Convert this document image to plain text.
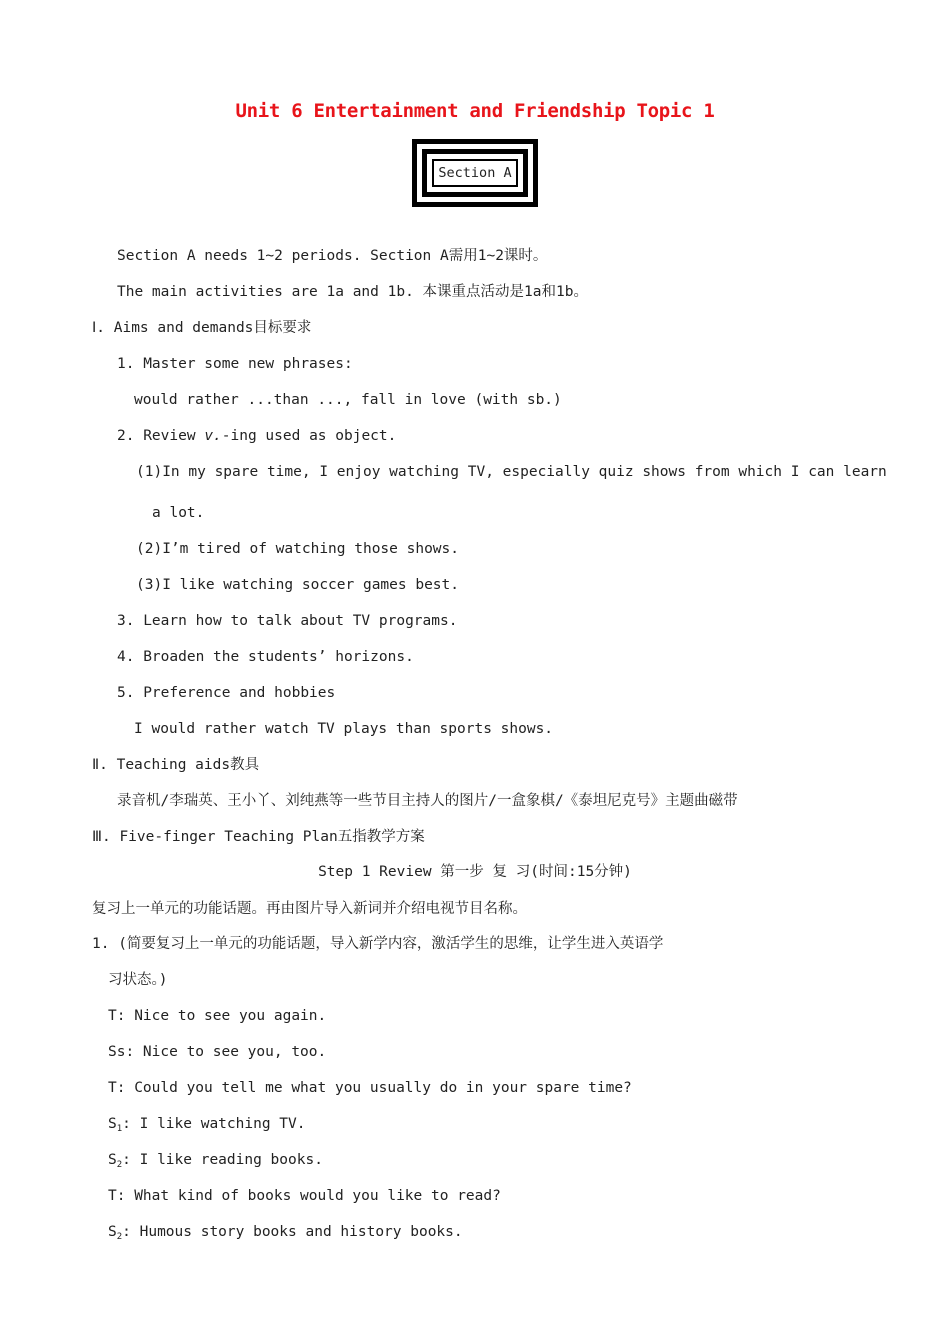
Unit 6 Entertainment and Friendship Topic 1
Section A
Section A needs 1~2 periods. Section A需用1~2课时。
The main activities are 1a and 1b. 本课重点活动是1a和1b。
Ⅰ. Aims and demands目标要求
1. Master some new phrases:
would rather ...than ..., fall in love (with sb.)
2. Review v.-ing used as object.
(1)In my spare time, I enjoy watching TV, especially quiz shows from which I can learn
a lot.
(2)I’m tired of watching those shows.
(3)I like watching soccer games best.
3. Learn how to talk about TV programs.
4. Broaden the students’ horizons.
5. Preference and hobbies
I would rather watch TV plays than sports shows.
Ⅱ. Teaching aids教具
录音机/李瑞英、王小丫、刘纯燕等一些节目主持人的图片/一盒象棋/《泰坦尼克号》主题曲磁带
Ⅲ. Five-finger Teaching Plan五指教学方案
Step 1 Review 第一步 复 习(时间:15分钟)
复习上一单元的功能话题。再由图片导入新词并介绍电视节目名称。
1. (简要复习上一单元的功能话题，导入新学内容，激活学生的思维，让学生进入英语学
习状态。)
T: Nice to see you again.
Ss: Nice to see you, too.
T: Could you tell me what you usually do in your spare time?
$S_1$: I like watching TV.
$S_2$: I like reading books.
T: What kind of books would you like to read?
$S_2$: Humous story books and history books.
